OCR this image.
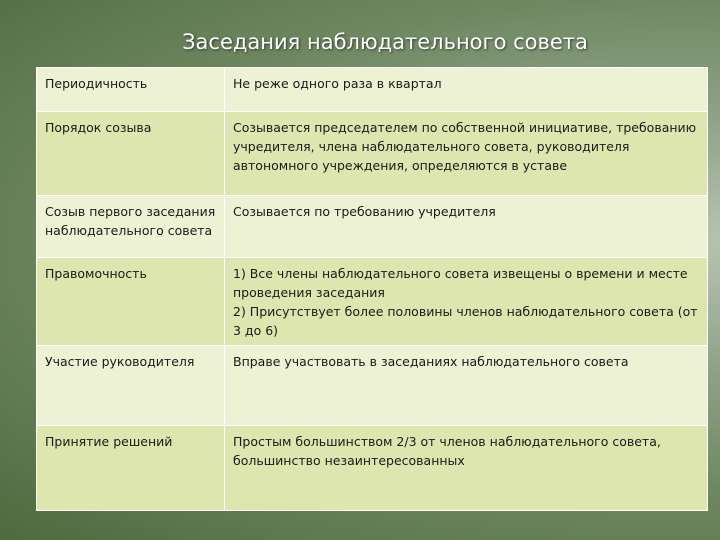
Заседания наблюдательного совета
Периодичность	Не реже одного раза в квартал

Порядок созыва	Созывается председателем по собственной инициативе, требованию учредителя, члена наблюдательного совета, руководителя автономного учреждения, определяются в уставе

Созыв первого заседания наблюдательного совета	Созывается по требованию учредителя

Правомочность	1) Все члены наблюдательного совета извещены о времени и месте проведения заседания

2) Присутствует более половины членов наблюдательного совета (от 3 до 6)

Участие руководителя	Вправе участвовать в заседаниях наблюдательного совета

Принятие решений	Простым большинством 2/3 от членов наблюдательного совета, большинство незаинтересованных
